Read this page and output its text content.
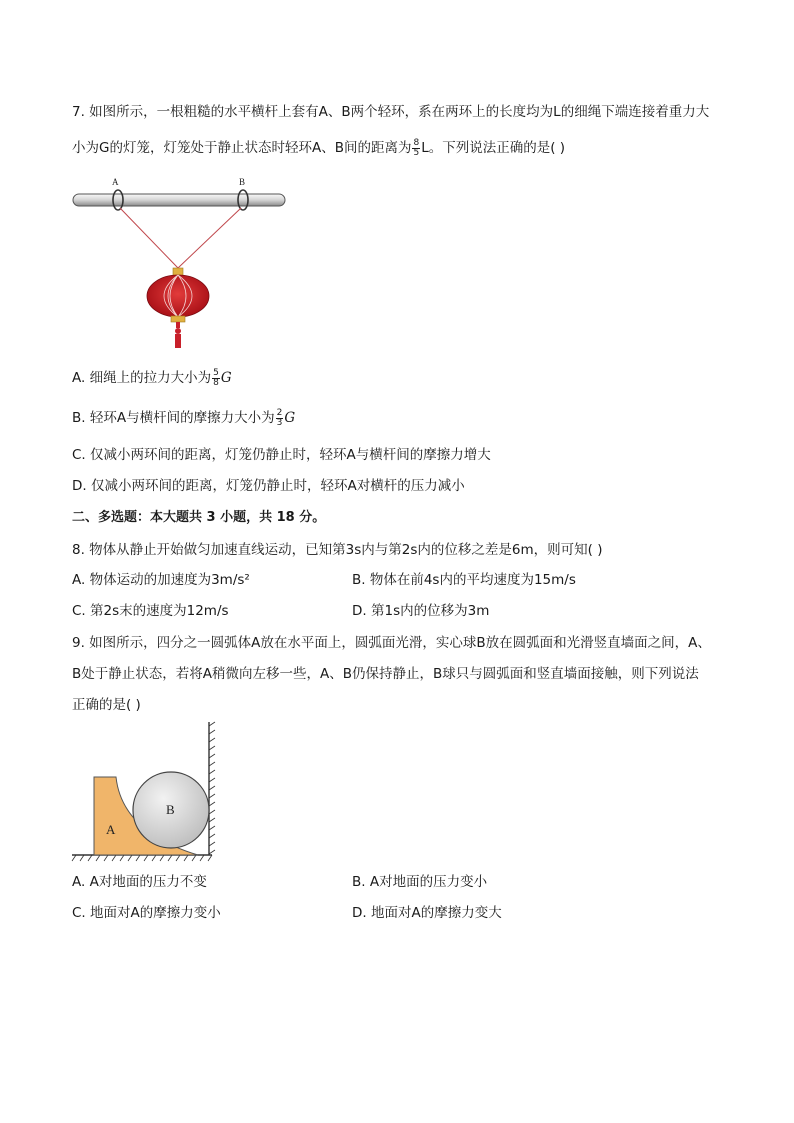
7. 如图所示，一根粗糙的水平横杆上套有A、B两个轻环，系在两环上的长度均为L的细绳下端连接着重力大
小为G的灯笼，灯笼处于静止状态时轻环A、B间的距离为 $\frac{8}{5}$ L。下列说法正确的是( )
A	B
A. 细绳上的拉力大小为 $\frac{5}{8}$ G
B. 轻环A与横杆间的摩擦力大小为 $\frac{2}{3}$ G
C. 仅减小两环间的距离，灯笼仍静止时，轻环A与横杆间的摩擦力增大
D. 仅减小两环间的距离，灯笼仍静止时，轻环A对横杆的压力减小
二、多选题：本大题共 3 小题，共 18 分。
8. 物体从静止开始做匀加速直线运动，已知第3s内与第2s内的位移之差是6m，则可知( )
A. 物体运动的加速度为3m/s²	B. 物体在前4s内的平均速度为15m/s
C. 第2s末的速度为12m/s	D. 第1s内的位移为3m
9. 如图所示，四分之一圆弧体A放在水平面上，圆弧面光滑，实心球B放在圆弧面和光滑竖直墙面之间，A、
B处于静止状态，若将A稍微向左移一些，A、B仍保持静止，B球只与圆弧面和竖直墙面接触，则下列说法
正确的是( )
A
B
A. A对地面的压力不变	B. A对地面的压力变小
C. 地面对A的摩擦力变小	D. 地面对A的摩擦力变大
